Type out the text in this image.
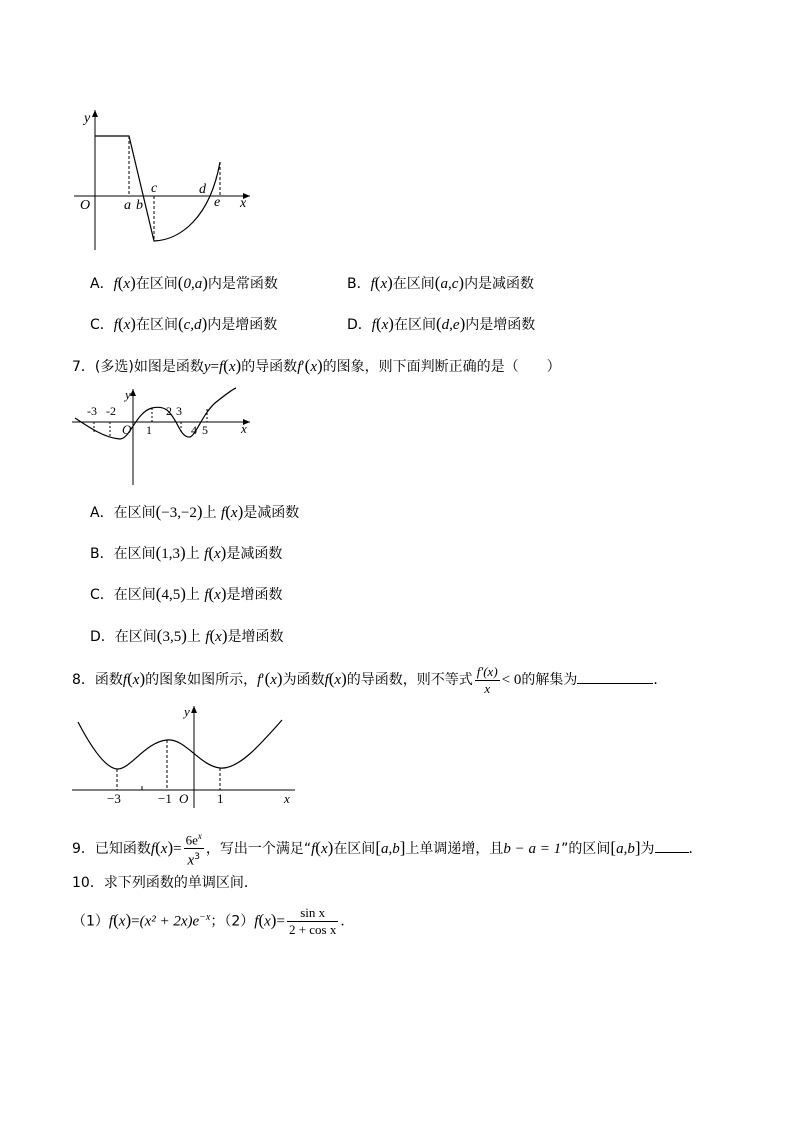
y
x
O a b
c	d
e
A．f(x)在区间(0,a)内是常函数	B．f(x)在区间(a,c)内是减函数
C．f(x)在区间(c,d)内是增函数	D．f(x)在区间(d,e)内是增函数
7．(多选)如图是函数y=f(x)的导函数f′(x)的图象，则下面判断正确的是（　　）
y
x
O
-3 -2
1
2 3
4 5
A．在区间(−3,−2)上 f(x)是减函数
B．在区间(1,3)上 f(x)是减函数
C．在区间(4,5)上 f(x)是增函数
D．在区间(3,5)上 f(x)是增函数
8．函数f(x)的图象如图所示，f′(x)为函数f(x)的导函数，则不等式 $\frac{f'(x)}{x} < 0$的解集为	．
y
x
O
−3	−1	1
9．已知函数$f(x)= \frac{6e^x}{x^3}$ ，写出一个满足“f(x)在区间[a,b]上单调递增，且b − a = 1”的区间[a,b]为 ．
10．求下列函数的单调区间．
$(1)f(x)=(x^2 + 2x)e^{-x}$；$(2)f(x)= \frac{\text{sin x}}{\text{2 + cos x}}$ ．
